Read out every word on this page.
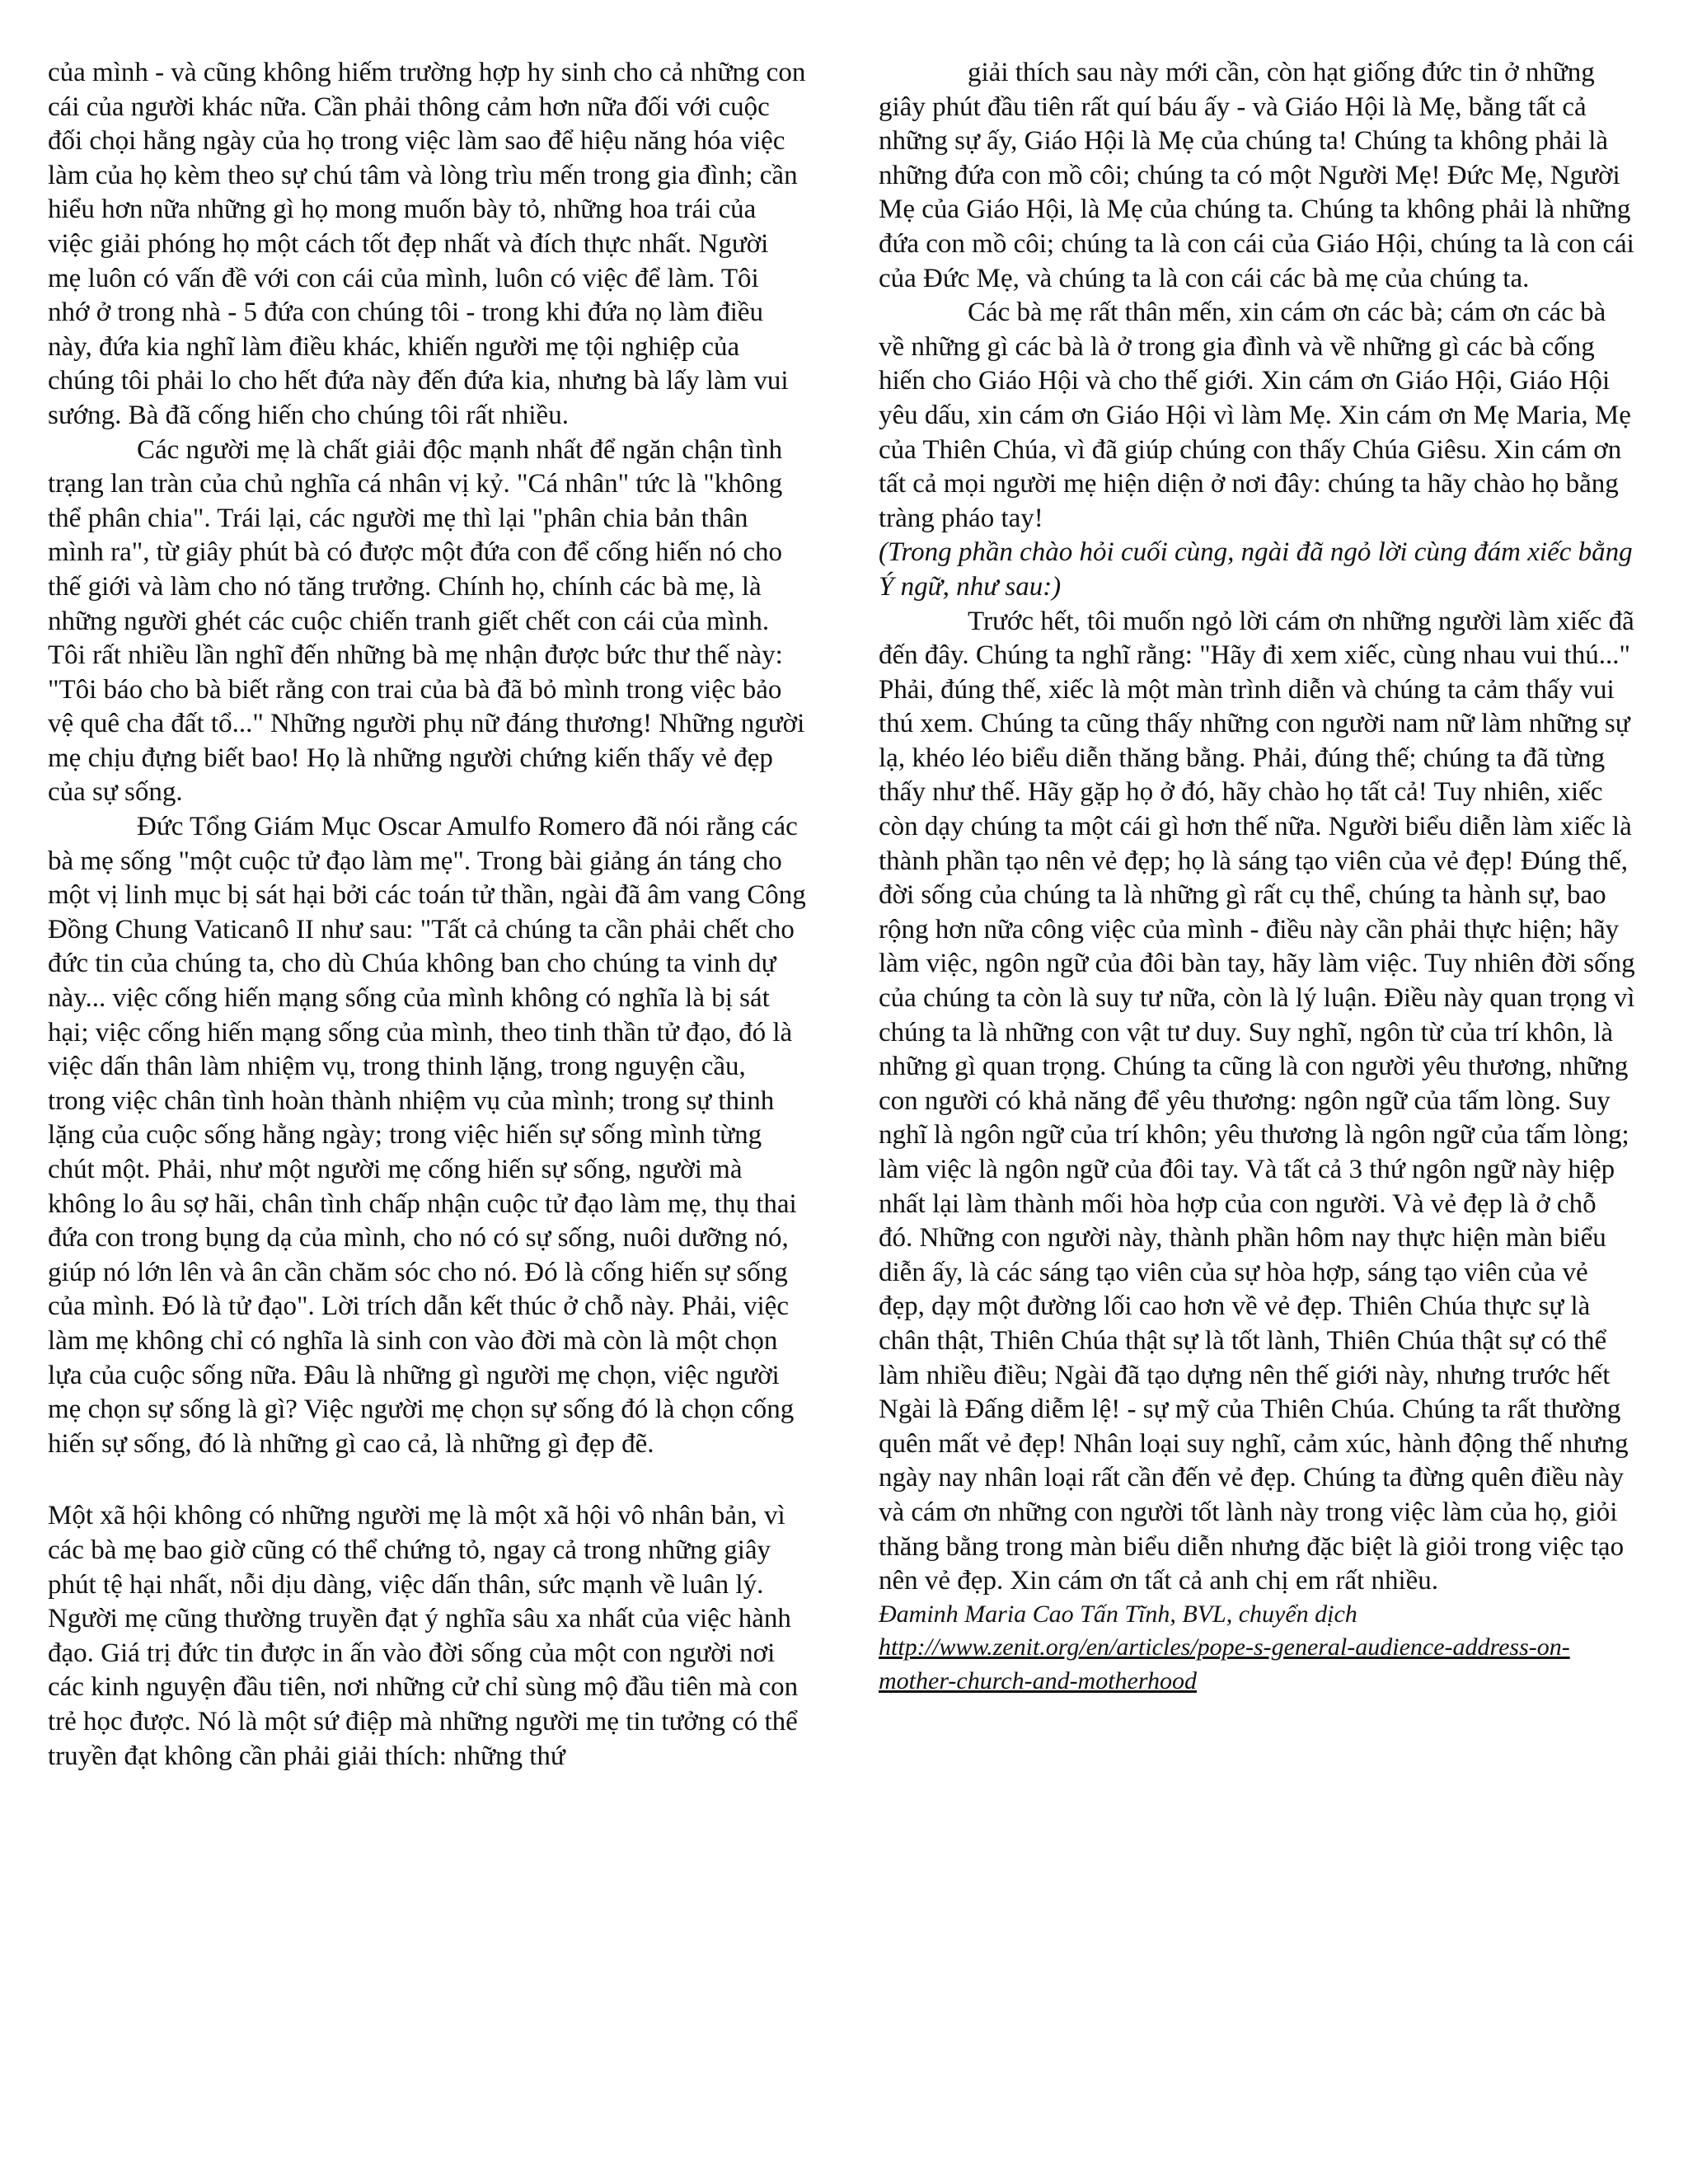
của mình - và cũng không hiếm trường hợp hy sinh cho cả những con cái của người khác nữa. Cần phải thông cảm hơn nữa đối với cuộc đối chọi hằng ngày của họ trong việc làm sao để hiệu năng hóa việc làm của họ kèm theo sự chú tâm và lòng trìu mến trong gia đình; cần hiểu hơn nữa những gì họ mong muốn bày tỏ, những hoa trái của việc giải phóng họ một cách tốt đẹp nhất và đích thực nhất. Người mẹ luôn có vấn đề với con cái của mình, luôn có việc để làm. Tôi nhớ ở trong nhà - 5 đứa con chúng tôi - trong khi đứa nọ làm điều này, đứa kia nghĩ làm điều khác, khiến người mẹ tội nghiệp của chúng tôi phải lo cho hết đứa này đến đứa kia, nhưng bà lấy làm vui sướng. Bà đã cống hiến cho chúng tôi rất nhiều.

Các người mẹ là chất giải độc mạnh nhất để ngăn chận tình trạng lan tràn của chủ nghĩa cá nhân vị kỷ. "Cá nhân" tức là "không thể phân chia". Trái lại, các người mẹ thì lại "phân chia bản thân mình ra", từ giây phút bà có được một đứa con để cống hiến nó cho thế giới và làm cho nó tăng trưởng. Chính họ, chính các bà mẹ, là những người ghét các cuộc chiến tranh giết chết con cái của mình. Tôi rất nhiều lần nghĩ đến những bà mẹ nhận được bức thư thế này: "Tôi báo cho bà biết rằng con trai của bà đã bỏ mình trong việc bảo vệ quê cha đất tổ..." Những người phụ nữ đáng thương! Những người mẹ chịu đựng biết bao! Họ là những người chứng kiến thấy vẻ đẹp của sự sống.

Đức Tổng Giám Mục Oscar Amulfo Romero đã nói rằng các bà mẹ sống "một cuộc tử đạo làm mẹ". Trong bài giảng án táng cho một vị linh mục bị sát hại bởi các toán tử thần, ngài đã âm vang Công Đồng Chung Vaticanô II như sau: "Tất cả chúng ta cần phải chết cho đức tin của chúng ta, cho dù Chúa không ban cho chúng ta vinh dự này... việc cống hiến mạng sống của mình không có nghĩa là bị sát hại; việc cống hiến mạng sống của mình, theo tinh thần tử đạo, đó là việc dấn thân làm nhiệm vụ, trong thinh lặng, trong nguyện cầu, trong việc chân tình hoàn thành nhiệm vụ của mình; trong sự thinh lặng của cuộc sống hằng ngày; trong việc hiến sự sống mình từng chút một. Phải, như một người mẹ cống hiến sự sống, người mà không lo âu sợ hãi, chân tình chấp nhận cuộc tử đạo làm mẹ, thụ thai đứa con trong bụng dạ của mình, cho nó có sự sống, nuôi dưỡng nó, giúp nó lớn lên và ân cần chăm sóc cho nó. Đó là cống hiến sự sống của mình. Đó là tử đạo". Lời trích dẫn kết thúc ở chỗ này. Phải, việc làm mẹ không chỉ có nghĩa là sinh con vào đời mà còn là một chọn lựa của cuộc sống nữa. Đâu là những gì người mẹ chọn, việc người mẹ chọn sự sống là gì? Việc người mẹ chọn sự sống đó là chọn cống hiến sự sống, đó là những gì cao cả, là những gì đẹp đẽ.

Một xã hội không có những người mẹ là một xã hội vô nhân bản, vì các bà mẹ bao giờ cũng có thể chứng tỏ, ngay cả trong những giây phút tệ hại nhất, nỗi dịu dàng, việc dấn thân, sức mạnh về luân lý. Người mẹ cũng thường truyền đạt ý nghĩa sâu xa nhất của việc hành đạo. Giá trị đức tin được in ấn vào đời sống của một con người nơi các kinh nguyện đầu tiên, nơi những cử chỉ sùng mộ đầu tiên mà con trẻ học được. Nó là một sứ điệp mà những người mẹ tin tưởng có thể truyền đạt không cần phải giải thích: những thứ

giải thích sau này mới cần, còn hạt giống đức tin ở những giây phút đầu tiên rất quí báu ấy - và Giáo Hội là Mẹ, bằng tất cả những sự ấy, Giáo Hội là Mẹ của chúng ta! Chúng ta không phải là những đứa con mồ côi; chúng ta có một Người Mẹ! Đức Mẹ, Người Mẹ của Giáo Hội, là Mẹ của chúng ta. Chúng ta không phải là những đứa con mồ côi; chúng ta là con cái của Giáo Hội, chúng ta là con cái của Đức Mẹ, và chúng ta là con cái các bà mẹ của chúng ta.

Các bà mẹ rất thân mến, xin cám ơn các bà; cám ơn các bà về những gì các bà là ở trong gia đình và về những gì các bà cống hiến cho Giáo Hội và cho thế giới. Xin cám ơn Giáo Hội, Giáo Hội yêu dấu, xin cám ơn Giáo Hội vì làm Mẹ. Xin cám ơn Mẹ Maria, Mẹ của Thiên Chúa, vì đã giúp chúng con thấy Chúa Giêsu. Xin cám ơn tất cả mọi người mẹ hiện diện ở nơi đây: chúng ta hãy chào họ bằng tràng pháo tay!

(Trong phần chào hỏi cuối cùng, ngài đã ngỏ lời cùng đám xiếc bằng Ý ngữ, như sau:)

Trước hết, tôi muốn ngỏ lời cám ơn những người làm xiếc đã đến đây. Chúng ta nghĩ rằng: "Hãy đi xem xiếc, cùng nhau vui thú..." Phải, đúng thế, xiếc là một màn trình diễn và chúng ta cảm thấy vui thú xem. Chúng ta cũng thấy những con người nam nữ làm những sự lạ, khéo léo biểu diễn thăng bằng. Phải, đúng thế; chúng ta đã từng thấy như thế. Hãy gặp họ ở đó, hãy chào họ tất cả! Tuy nhiên, xiếc còn dạy chúng ta một cái gì hơn thế nữa. Người biểu diễn làm xiếc là thành phần tạo nên vẻ đẹp; họ là sáng tạo viên của vẻ đẹp! Đúng thế, đời sống của chúng ta là những gì rất cụ thể, chúng ta hành sự, bao rộng hơn nữa công việc của mình - điều này cần phải thực hiện; hãy làm việc, ngôn ngữ của đôi bàn tay, hãy làm việc. Tuy nhiên đời sống của chúng ta còn là suy tư nữa, còn là lý luận. Điều này quan trọng vì chúng ta là những con vật tư duy. Suy nghĩ, ngôn từ của trí khôn, là những gì quan trọng. Chúng ta cũng là con người yêu thương, những con người có khả năng để yêu thương: ngôn ngữ của tấm lòng. Suy nghĩ là ngôn ngữ của trí khôn; yêu thương là ngôn ngữ của tấm lòng; làm việc là ngôn ngữ của đôi tay. Và tất cả 3 thứ ngôn ngữ này hiệp nhất lại làm thành mối hòa hợp của con người. Và vẻ đẹp là ở chỗ đó. Những con người này, thành phần hôm nay thực hiện màn biểu diễn ấy, là các sáng tạo viên của sự hòa hợp, sáng tạo viên của vẻ đẹp, dạy một đường lối cao hơn về vẻ đẹp. Thiên Chúa thực sự là chân thật, Thiên Chúa thật sự là tốt lành, Thiên Chúa thật sự có thể làm nhiều điều; Ngài đã tạo dựng nên thế giới này, nhưng trước hết Ngài là Đấng diễm lệ! - sự mỹ của Thiên Chúa. Chúng ta rất thường quên mất vẻ đẹp! Nhân loại suy nghĩ, cảm xúc, hành động thế nhưng ngày nay nhân loại rất cần đến vẻ đẹp. Chúng ta đừng quên điều này và cám ơn những con người tốt lành này trong việc làm của họ, giỏi thăng bằng trong màn biểu diễn nhưng đặc biệt là giỏi trong việc tạo nên vẻ đẹp. Xin cám ơn tất cả anh chị em rất nhiều.

Đaminh Maria Cao Tấn Tĩnh, BVL, chuyển dịch

http://www.zenit.org/en/articles/pope-s-general-audience-address-on-mother-church-and-motherhood
